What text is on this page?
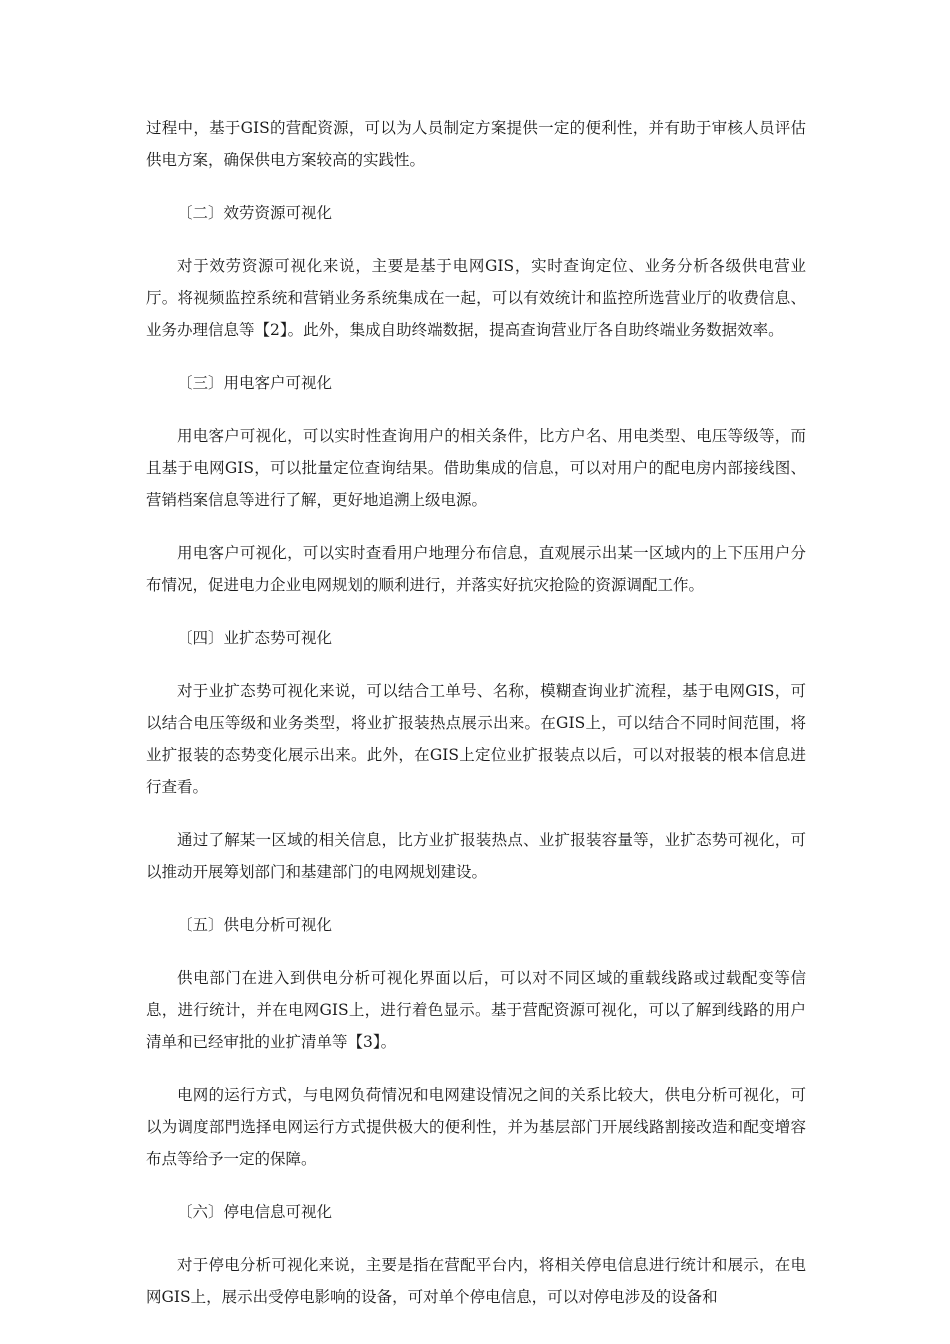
过程中，基于GIS的营配资源，可以为人员制定方案提供一定的便利性，并有助于审核人员评估供电方案，确保供电方案较高的实践性。

〔二〕效劳资源可视化

对于效劳资源可视化来说，主要是基于电网GIS，实时查询定位、业务分析各级供电营业厅。将视频监控系统和营销业务系统集成在一起，可以有效统计和监控所选营业厅的收费信息、业务办理信息等【2】。此外，集成自助终端数据，提高查询营业厅各自助终端业务数据效率。

〔三〕用电客户可视化

用电客户可视化，可以实时性查询用户的相关条件，比方户名、用电类型、电压等级等，而且基于电网GIS，可以批量定位查询结果。借助集成的信息，可以对用户的配电房内部接线图、营销档案信息等进行了解，更好地追溯上级电源。

用电客户可视化，可以实时查看用户地理分布信息，直观展示出某一区域内的上下压用户分布情况，促进电力企业电网规划的顺利进行，并落实好抗灾抢险的资源调配工作。

〔四〕业扩态势可视化

对于业扩态势可视化来说，可以结合工单号、名称，模糊查询业扩流程，基于电网GIS，可以结合电压等级和业务类型，将业扩报装热点展示出来。在GIS上，可以结合不同时间范围，将业扩报装的态势变化展示出来。此外，在GIS上定位业扩报装点以后，可以对报装的根本信息进行查看。

通过了解某一区域的相关信息，比方业扩报装热点、业扩报装容量等，业扩态势可视化，可以推动开展筹划部门和基建部门的电网规划建设。

〔五〕供电分析可视化

供电部门在进入到供电分析可视化界面以后，可以对不同区域的重载线路或过载配变等信息，进行统计，并在电网GIS上，进行着色显示。基于营配资源可视化，可以了解到线路的用户清单和已经审批的业扩清单等【3】。

电网的运行方式，与电网负荷情况和电网建设情况之间的关系比较大，供电分析可视化，可以为调度部門选择电网运行方式提供极大的便利性，并为基层部门开展线路割接改造和配变增容布点等给予一定的保障。

〔六〕停电信息可视化

对于停电分析可视化来说，主要是指在营配平台内，将相关停电信息进行统计和展示，在电网GIS上，展示出受停电影响的设备，可对单个停电信息，可以对停电涉及的设备和
